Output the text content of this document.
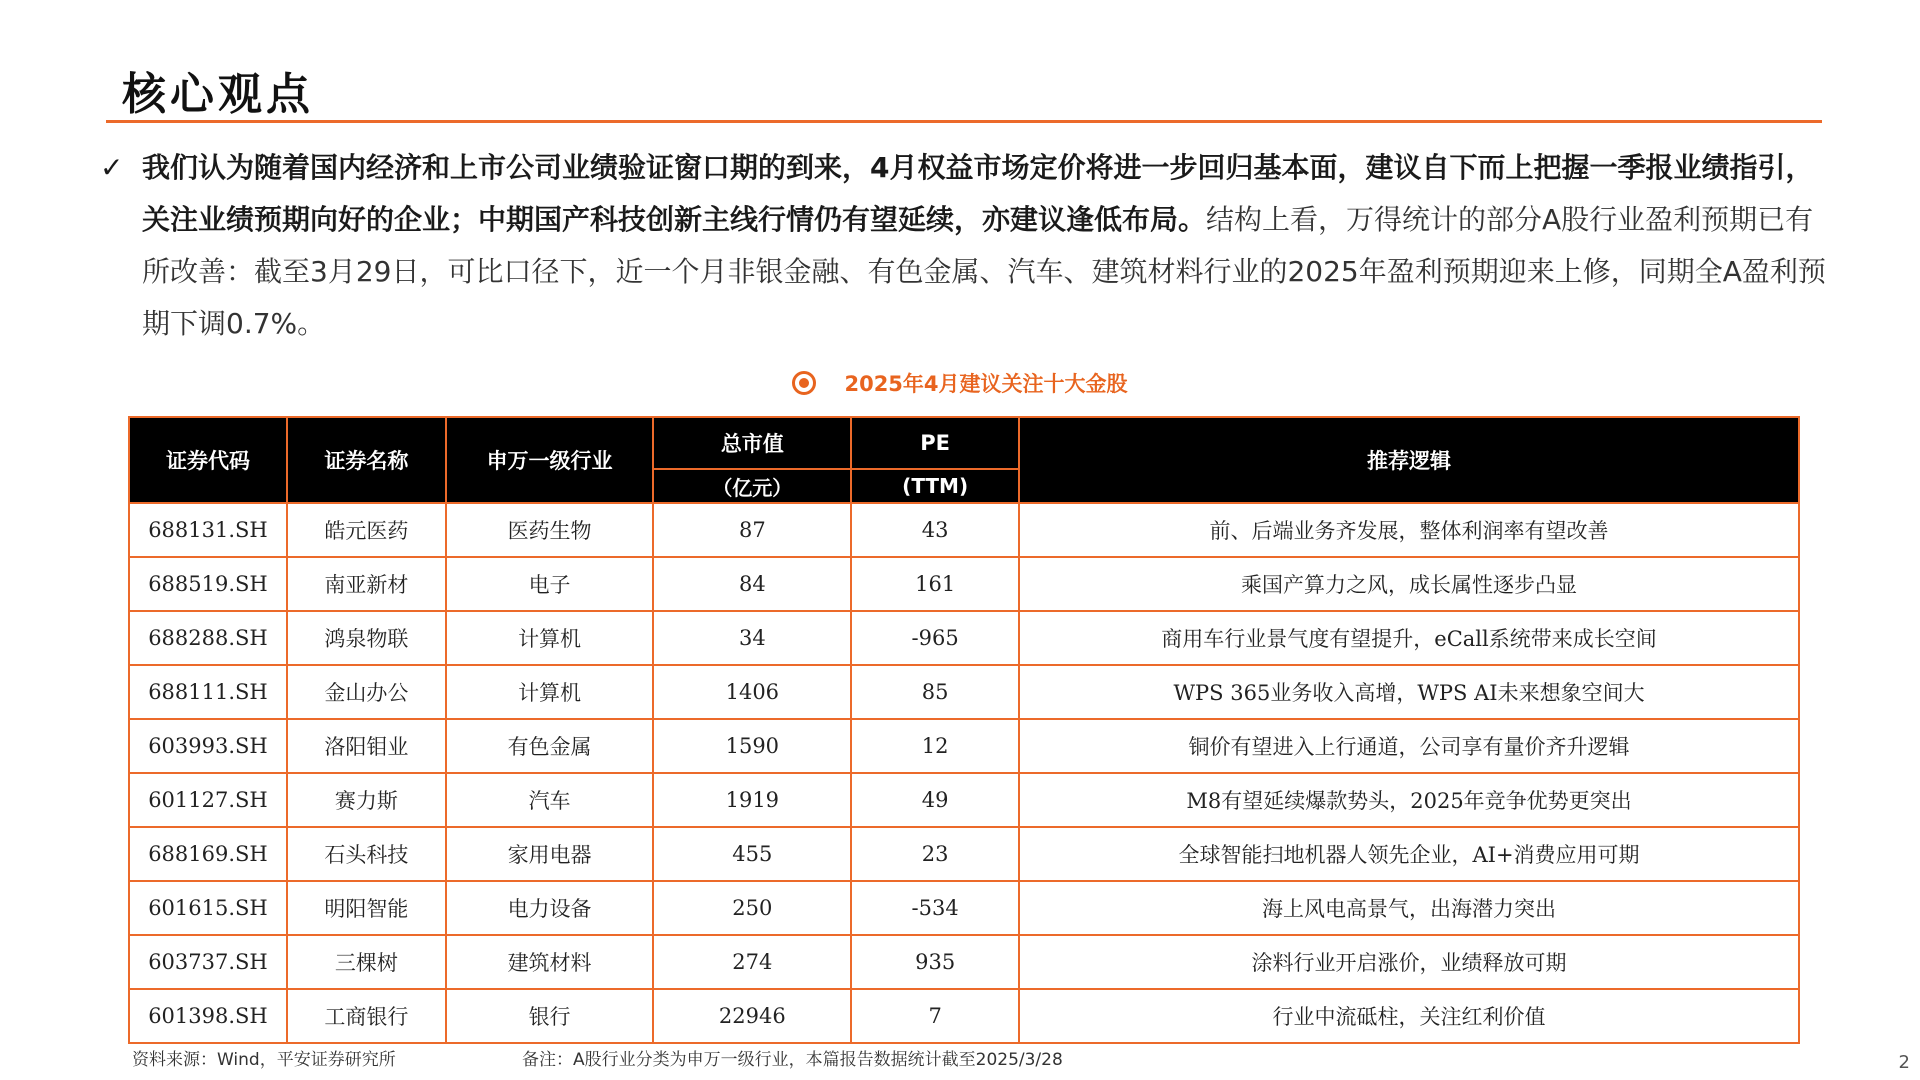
核心观点
✓ 我们认为随着国内经济和上市公司业绩验证窗口期的到来，4月权益市场定价将进一步回归基本面，建议自下而上把握一季报业绩指引，关注业绩预期向好的企业；中期国产科技创新主线行情仍有望延续，亦建议逢低布局。结构上看，万得统计的部分A股行业盈利预期已有所改善：截至3月29日，可比口径下，近一个月非银金融、有色金属、汽车、建筑材料行业的2025年盈利预期迎来上修，同期全A盈利预期下调0.7%。
2025年4月建议关注十大金股
证券代码	证券名称	申万一级行业	总市值	PE	推荐逻辑
			（亿元）	(TTM)	
688131.SH	皓元医药	医药生物	87	43	前、后端业务齐发展，整体利润率有望改善
688519.SH	南亚新材	电子	84	161	乘国产算力之风，成长属性逐步凸显
688288.SH	鸿泉物联	计算机	34	-965	商用车行业景气度有望提升，eCall系统带来成长空间
688111.SH	金山办公	计算机	1406	85	WPS 365业务收入高增，WPS AI未来想象空间大
603993.SH	洛阳钼业	有色金属	1590	12	铜价有望进入上行通道，公司享有量价齐升逻辑
601127.SH	赛力斯	汽车	1919	49	M8有望延续爆款势头，2025年竞争优势更突出
688169.SH	石头科技	家用电器	455	23	全球智能扫地机器人领先企业，AI+消费应用可期
601615.SH	明阳智能	电力设备	250	-534	海上风电高景气，出海潜力突出
603737.SH	三棵树	建筑材料	274	935	涂料行业开启涨价，业绩释放可期
601398.SH	工商银行	银行	22946	7	行业中流砥柱，关注红利价值
资料来源：Wind，平安证券研究所	备注：A股行业分类为申万一级行业，本篇报告数据统计截至2025/3/28	2
